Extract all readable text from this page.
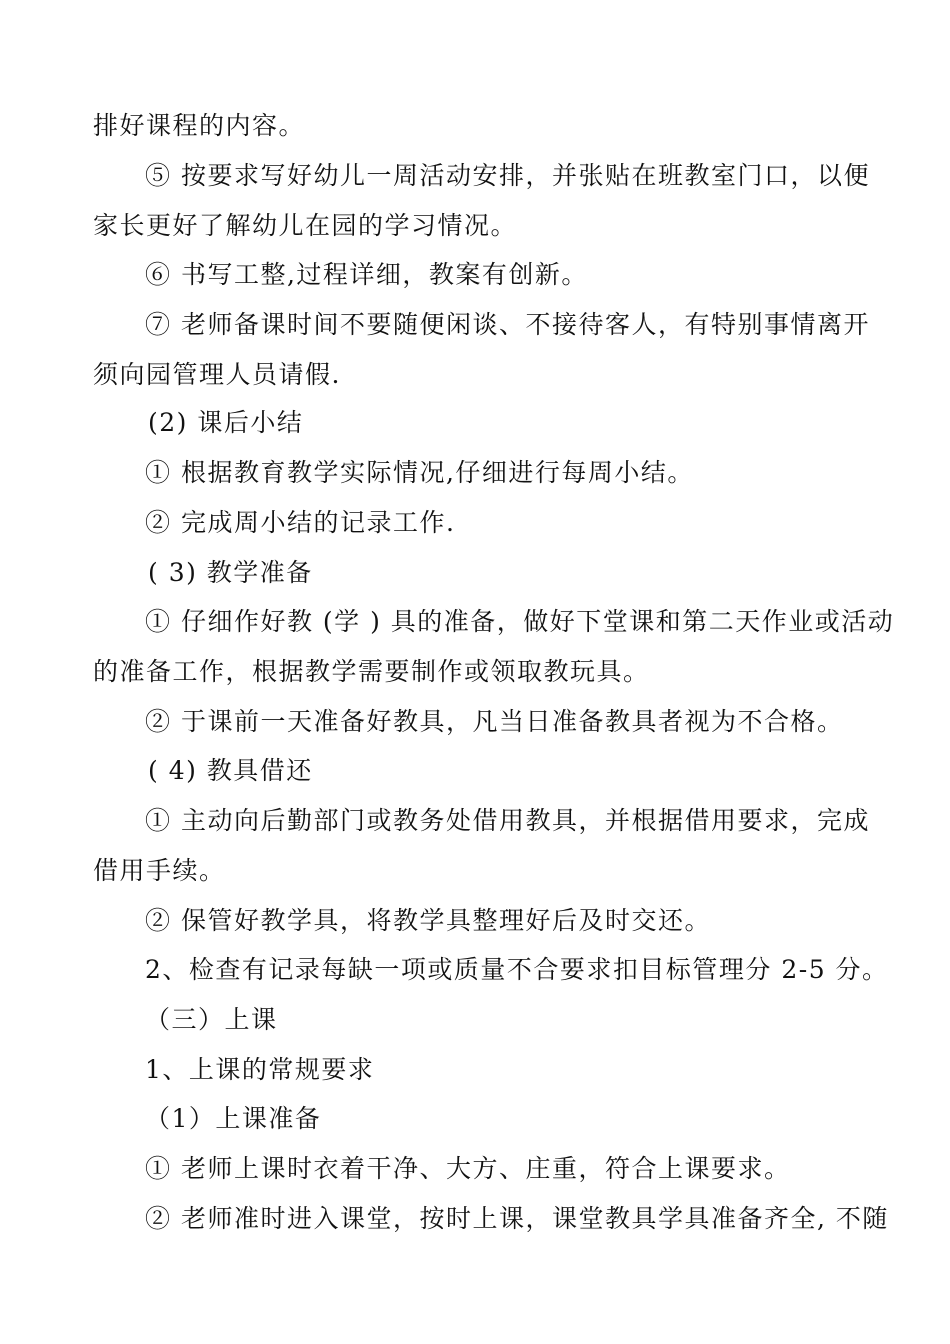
排好课程的内容。

⑤ 按要求写好幼儿一周活动安排，并张贴在班教室门口，以便

家长更好了解幼儿在园的学习情况。

⑥ 书写工整,过程详细，教案有创新。

⑦ 老师备课时间不要随便闲谈、不接待客人，有特别事情离开

须向园管理人员请假.

(2) 课后小结

① 根据教育教学实际情况,仔细进行每周小结。

② 完成周小结的记录工作.

( 3) 教学准备

① 仔细作好教 (学 ) 具的准备，做好下堂课和第二天作业或活动

的准备工作，根据教学需要制作或领取教玩具。

② 于课前一天准备好教具，凡当日准备教具者视为不合格。

( 4) 教具借还

① 主动向后勤部门或教务处借用教具，并根据借用要求，完成

借用手续。

② 保管好教学具，将教学具整理好后及时交还。

2、检查有记录每缺一项或质量不合要求扣目标管理分 2-5 分。

（三）上课

1、上课的常规要求

（1）上课准备

① 老师上课时衣着干净、大方、庄重，符合上课要求。

② 老师准时进入课堂，按时上课，课堂教具学具准备齐全, 不随
